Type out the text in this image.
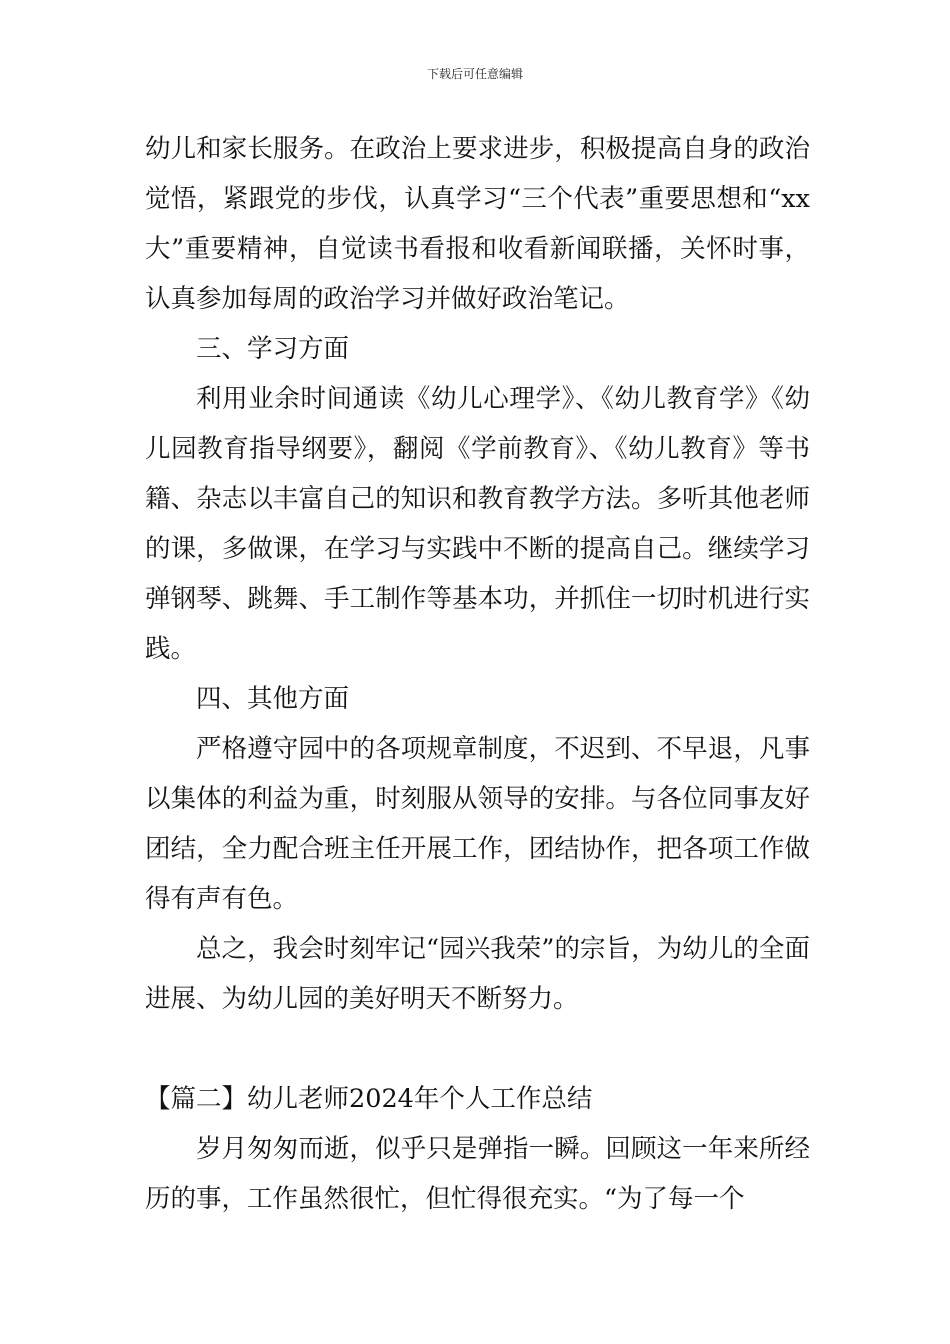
下载后可任意编辑

幼儿和家长服务。在政治上要求进步，积极提高自身的政治觉悟，紧跟党的步伐，认真学习“三个代表”重要思想和“xx大”重要精神，自觉读书看报和收看新闻联播，关怀时事，认真参加每周的政治学习并做好政治笔记。

三、学习方面

利用业余时间通读《幼儿心理学》、《幼儿教育学》《幼儿园教育指导纲要》，翻阅《学前教育》、《幼儿教育》等书籍、杂志以丰富自己的知识和教育教学方法。多听其他老师的课，多做课，在学习与实践中不断的提高自己。继续学习弹钢琴、跳舞、手工制作等基本功，并抓住一切时机进行实践。

四、其他方面

严格遵守园中的各项规章制度，不迟到、不早退，凡事以集体的利益为重，时刻服从领导的安排。与各位同事友好团结，全力配合班主任开展工作，团结协作，把各项工作做得有声有色。

总之，我会时刻牢记“园兴我荣”的宗旨，为幼儿的全面进展、为幼儿园的美好明天不断努力。

【篇二】幼儿老师2024年个人工作总结

岁月匆匆而逝，似乎只是弹指一瞬。回顾这一年来所经历的事，工作虽然很忙，但忙得很充实。“为了每一个
